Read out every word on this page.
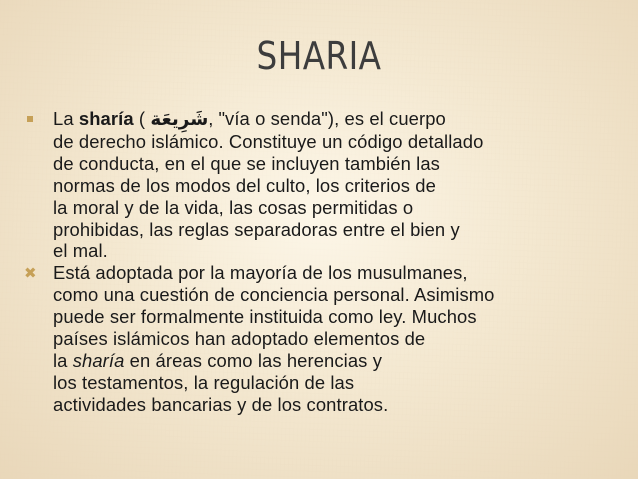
SHARIA
La sharía ( شَرِيعَة, "vía o senda"), es el cuerpo
de derecho islámico. Constituye un código detallado
de conducta, en el que se incluyen también las
normas de los modos del culto, los criterios de
la moral y de la vida, las cosas permitidas o
prohibidas, las reglas separadoras entre el bien y
el mal.
✖ Está adoptada por la mayoría de los musulmanes,
como una cuestión de conciencia personal. Asimismo
puede ser formalmente instituida como ley. Muchos
países islámicos han adoptado elementos de
la sharía en áreas como las herencias y
los testamentos, la regulación de las
actividades bancarias y de los contratos.
